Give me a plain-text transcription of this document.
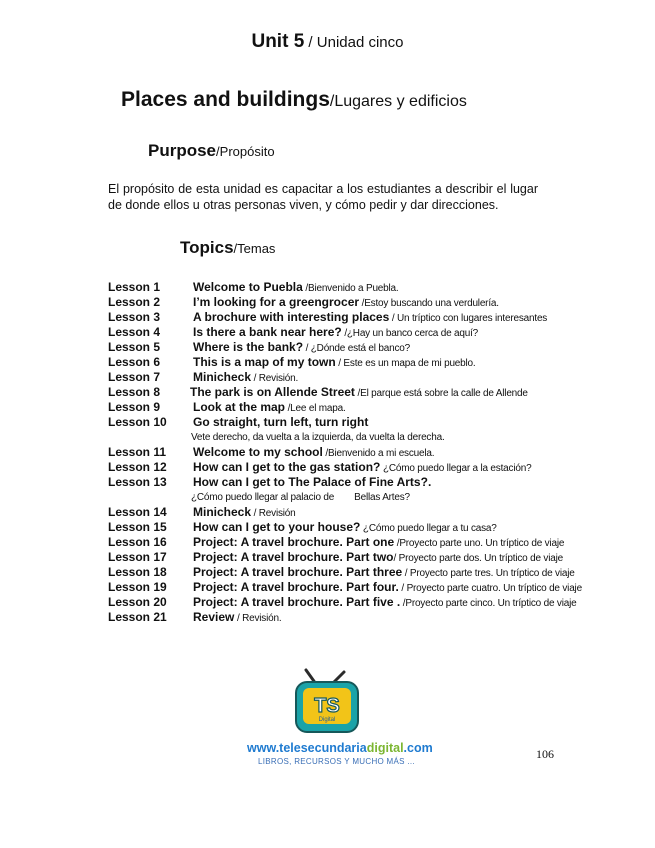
Unit 5 / Unidad cinco
Places and buildings/Lugares y edificios
Purpose/Propósito
El propósito de esta unidad es capacitar a los estudiantes a describir el lugar de donde ellos u otras personas viven, y cómo pedir y dar direcciones.
Topics/Temas
Lesson 1	Welcome to Puebla /Bienvenido a Puebla.
Lesson 2	I’m looking for a greengrocer /Estoy buscando una verdulería.
Lesson 3	A brochure with interesting places / Un tríptico con lugares interesantes
Lesson 4	Is there a bank near here? /¿Hay un banco cerca de aquí?
Lesson 5	Where is the bank? / ¿Dónde está el banco?
Lesson 6	This is a map of my town / Este es un mapa de mi pueblo.
Lesson 7	Minicheck / Revisión.
Lesson 8 The park is on Allende Street /El parque está sobre la calle de Allende
Lesson 9	Look at the map /Lee el mapa.
Lesson 10 Go straight, turn left, turn right
Vete derecho, da vuelta a la izquierda, da vuelta la derecha.
Lesson 11 Welcome to my school /Bienvenido a mi escuela.
Lesson 12 How can I get to the gas station? ¿Cómo puedo llegar a la estación?
Lesson 13 How can I get to The Palace of Fine Arts?.
¿Cómo puedo llegar al palacio de Bellas Artes?
Lesson 14 Minicheck / Revisión
Lesson 15 How can I get to your house? ¿Cómo puedo llegar a tu casa?
Lesson 16 Project: A travel brochure. Part one /Proyecto parte uno. Un tríptico de viaje
Lesson 17 Project: A travel brochure. Part two/ Proyecto parte dos. Un tríptico de viaje
Lesson 18 Project: A travel brochure. Part three / Proyecto parte tres. Un tríptico de viaje
Lesson 19 Project: A travel brochure. Part four. / Proyecto parte cuatro. Un tríptico de viaje
Lesson 20 Project: A travel brochure. Part five . /Proyecto parte cinco. Un tríptico de viaje
Lesson 21 Review / Revisión.
TS
Digital
www.telesecundariadigital.com
LIBROS, RECURSOS Y MUCHO MÁS ...
106
